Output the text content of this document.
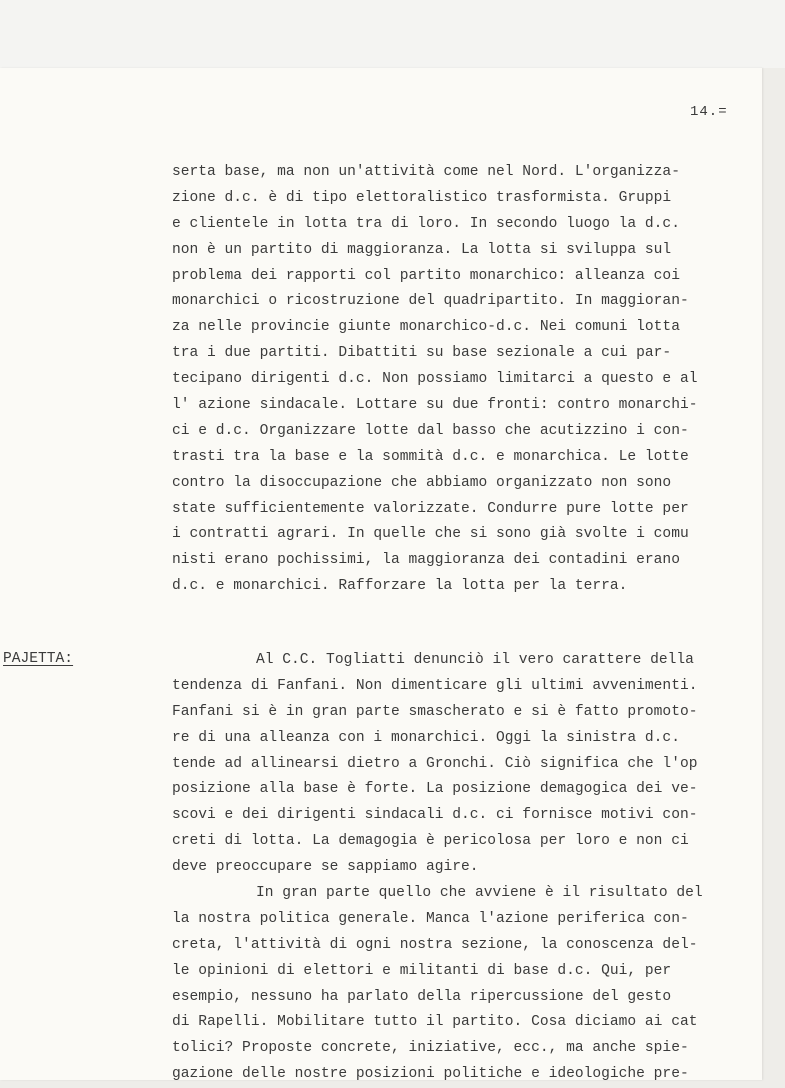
14.=
serta base, ma non un'attività come nel Nord. L'organizza-
zione d.c. è di tipo elettoralistico trasformista. Gruppi
e clientele in lotta tra di loro. In secondo luogo la d.c.
non è un partito di maggioranza. La lotta si sviluppa sul
problema dei rapporti col partito monarchico: alleanza coi
monarchici o ricostruzione del quadripartito. In maggioran-
za nelle provincie giunte monarchico-d.c. Nei comuni lotta
tra i due partiti. Dibattiti su base sezionale a cui par-
tecipano dirigenti d.c. Non possiamo limitarci a questo e al
l' azione sindacale. Lottare su due fronti: contro monarchi-
ci e d.c. Organizzare lotte dal basso che acutizzino i con-
trasti tra la base e la sommità d.c. e monarchica. Le lotte
contro la disoccupazione che abbiamo organizzato non sono
state sufficientemente valorizzate. Condurre pure lotte per
i contratti agrari. In quelle che si sono già svolte i comu
nisti erano pochissimi, la maggioranza dei contadini erano
d.c. e monarchici. Rafforzare la lotta per la terra.
PAJETTA:	Al C.C. Togliatti denunciò il vero carattere della
tendenza di Fanfani. Non dimenticare gli ultimi avvenimenti.
Fanfani si è in gran parte smascherato e si è fatto promoto-
re di una alleanza con i monarchici. Oggi la sinistra d.c.
tende ad allinearsi dietro a Gronchi. Ciò significa che l'op
posizione alla base è forte. La posizione demagogica dei ve-
scovi e dei dirigenti sindacali d.c. ci fornisce motivi con-
creti di lotta. La demagogia è pericolosa per loro e non ci
deve preoccupare se sappiamo agire.
In gran parte quello che avviene è il risultato del
la nostra politica generale. Manca l'azione periferica con-
creta, l'attività di ogni nostra sezione, la conoscenza del-
le opinioni di elettori e militanti di base d.c. Qui, per
esempio, nessuno ha parlato della ripercussione del gesto
di Rapelli. Mobilitare tutto il partito. Cosa diciamo ai cat
tolici? Proposte concrete, iniziative, ecc., ma anche spie-
gazione delle nostre posizioni politiche e ideologiche pre-
